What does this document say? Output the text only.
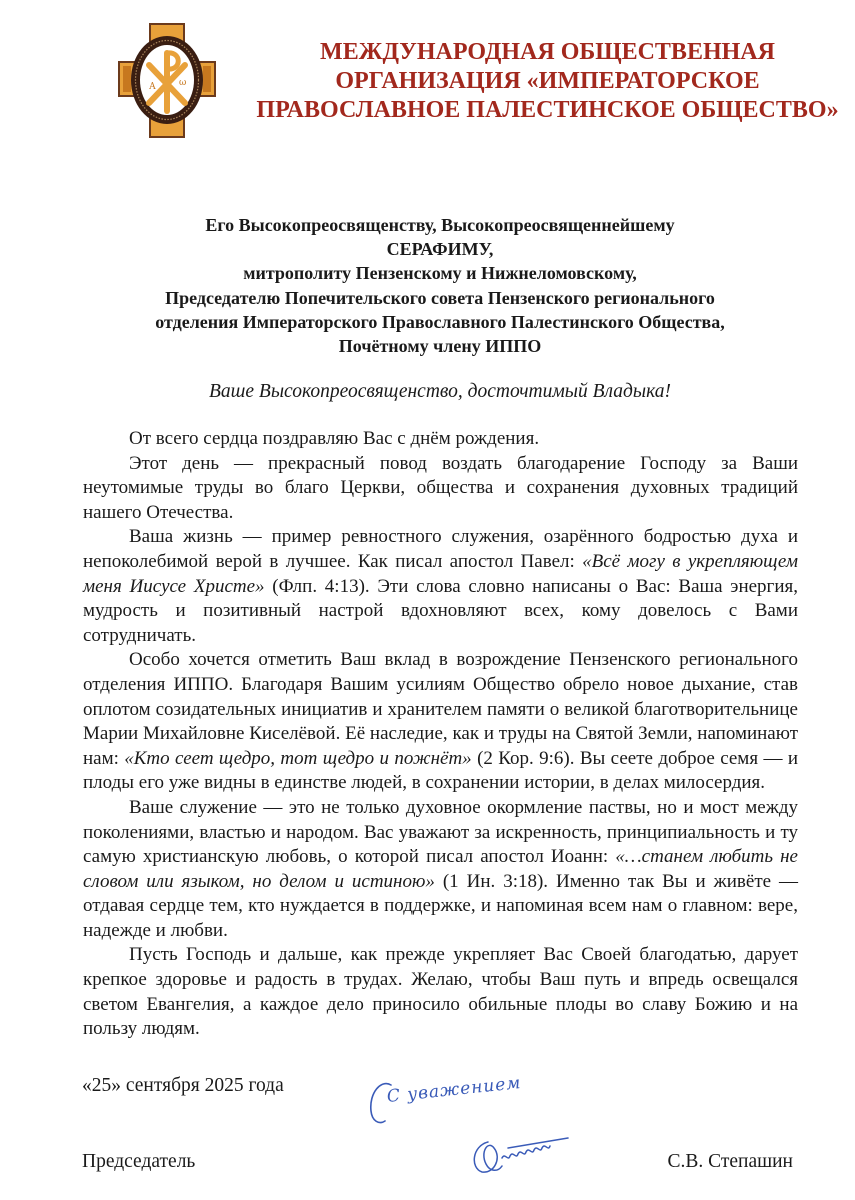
А	ω
МЕЖДУНАРОДНАЯ ОБЩЕСТВЕННАЯ
ОРГАНИЗАЦИЯ «ИМПЕРАТОРСКОЕ
ПРАВОСЛАВНОЕ ПАЛЕСТИНСКОЕ ОБЩЕСТВО»
Его Высокопреосвященству, Высокопреосвященнейшему
СЕРАФИМУ,
митрополиту Пензенскому и Нижнеломовскому,
Председателю Попечительского совета Пензенского регионального
отделения Императорского Православного Палестинского Общества,
Почётному члену ИППО
Ваше Высокопреосвященство, досточтимый Владыка!

От всего сердца поздравляю Вас с днём рождения.

Этот день — прекрасный повод воздать благодарение Господу за Ваши неутомимые труды во благо Церкви, общества и сохранения духовных традиций нашего Отечества.

Ваша жизнь — пример ревностного служения, озарённого бодростью духа и непоколебимой верой в лучшее. Как писал апостол Павел: «Всё могу в укрепляющем меня Иисусе Христе» (Флп. 4:13). Эти слова словно написаны о Вас: Ваша энергия, мудрость и позитивный настрой вдохновляют всех, кому довелось с Вами сотрудничать.

Особо хочется отметить Ваш вклад в возрождение Пензенского регионального отделения ИППО. Благодаря Вашим усилиям Общество обрело новое дыхание, став оплотом созидательных инициатив и хранителем памяти о великой благотворительнице Марии Михайловне Киселёвой. Её наследие, как и труды на Святой Земли, напоминают нам: «Кто сеет щедро, тот щедро и пожнёт» (2 Кор. 9:6). Вы сеете доброе семя — и плоды его уже видны в единстве людей, в сохранении истории, в делах милосердия.

Ваше служение — это не только духовное окормление паствы, но и мост между поколениями, властью и народом. Вас уважают за искренность, принципиальность и ту самую христианскую любовь, о которой писал апостол Иоанн: «…станем любить не словом или языком, но делом и истиною» (1 Ин. 3:18). Именно так Вы и живёте — отдавая сердце тем, кто нуждается в поддержке, и напоминая всем нам о главном: вере, надежде и любви.

Пусть Господь и дальше, как прежде укрепляет Вас Своей благодатью, дарует крепкое здоровье и радость в трудах. Желаю, чтобы Ваш путь и впредь освещался светом Евангелия, а каждое дело приносило обильные плоды во славу Божию и на пользу людям.

«25» сентября 2025 года	С уважением
Председатель	С.В. Степашин
